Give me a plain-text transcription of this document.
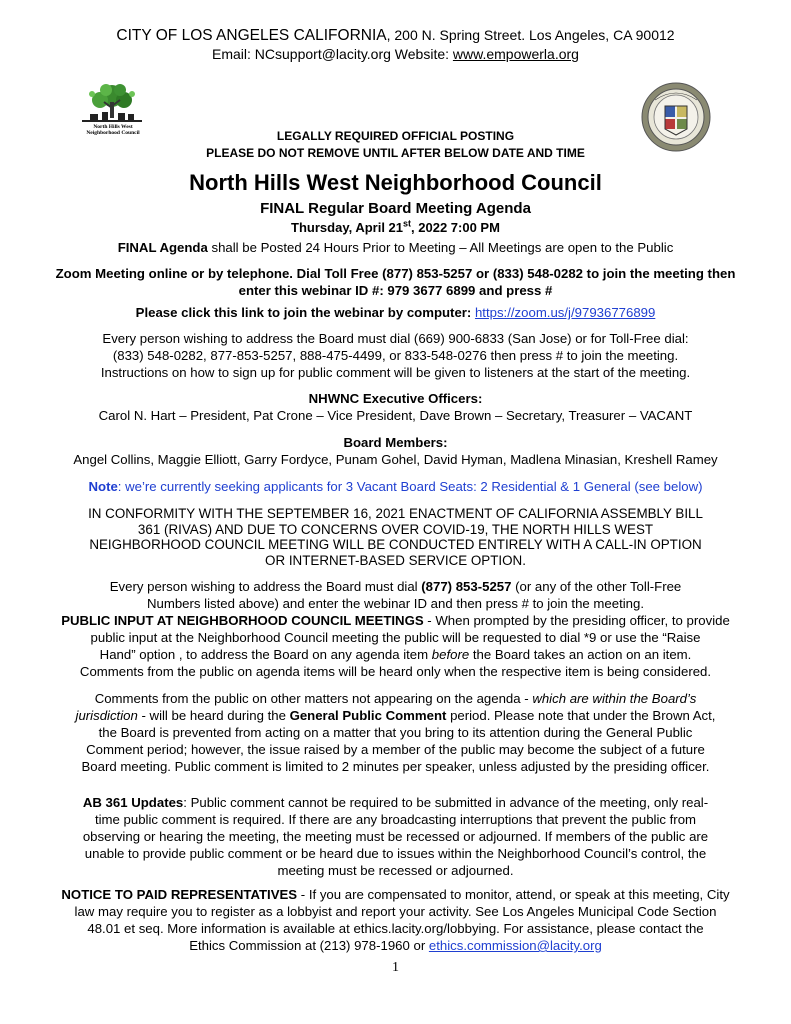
CITY OF LOS ANGELES CALIFORNIA, 200 N. Spring Street. Los Angeles, CA 90012
Email: NCsupport@lacity.org Website: www.empowerla.org
North Hills West
Neighborhood Council	LEGALLY REQUIRED OFFICIAL POSTING
PLEASE DO NOT REMOVE UNTIL AFTER BELOW DATE AND TIME
North Hills West Neighborhood Council
FINAL Regular Board Meeting Agenda
Thursday, April 21st, 2022 7:00 PM
FINAL Agenda shall be Posted 24 Hours Prior to Meeting – All Meetings are open to the Public
Zoom Meeting online or by telephone. Dial Toll Free (877) 853-5257 or (833) 548-0282 to join the meeting then
enter this webinar ID #: 979 3677 6899 and press #
Please click this link to join the webinar by computer: https://zoom.us/j/97936776899
Every person wishing to address the Board must dial (669) 900-6833 (San Jose) or for Toll-Free dial:
(833) 548-0282, 877-853-5257, 888-475-4499, or 833-548-0276 then press # to join the meeting.
Instructions on how to sign up for public comment will be given to listeners at the start of the meeting.
NHWNC Executive Officers:
Carol N. Hart – President, Pat Crone – Vice President, Dave Brown – Secretary, Treasurer – VACANT
Board Members:
Angel Collins, Maggie Elliott, Garry Fordyce, Punam Gohel, David Hyman, Madlena Minasian, Kreshell Ramey
Note: we’re currently seeking applicants for 3 Vacant Board Seats: 2 Residential & 1 General (see below)
IN CONFORMITY WITH THE SEPTEMBER 16, 2021 ENACTMENT OF CALIFORNIA ASSEMBLY BILL
361 (RIVAS) AND DUE TO CONCERNS OVER COVID-19, THE NORTH HILLS WEST
NEIGHBORHOOD COUNCIL MEETING WILL BE CONDUCTED ENTIRELY WITH A CALL-IN OPTION
OR INTERNET-BASED SERVICE OPTION.
Every person wishing to address the Board must dial (877) 853-5257 (or any of the other Toll-Free
Numbers listed above) and enter the webinar ID and then press # to join the meeting.
PUBLIC INPUT AT NEIGHBORHOOD COUNCIL MEETINGS - When prompted by the presiding officer, to provide
public input at the Neighborhood Council meeting the public will be requested to dial *9 or use the “Raise
Hand” option , to address the Board on any agenda item before the Board takes an action on an item.
Comments from the public on agenda items will be heard only when the respective item is being considered.
Comments from the public on other matters not appearing on the agenda - which are within the Board’s
jurisdiction - will be heard during the General Public Comment period. Please note that under the Brown Act,
the Board is prevented from acting on a matter that you bring to its attention during the General Public
Comment period; however, the issue raised by a member of the public may become the subject of a future
Board meeting. Public comment is limited to 2 minutes per speaker, unless adjusted by the presiding officer.
AB 361 Updates: Public comment cannot be required to be submitted in advance of the meeting, only real-
time public comment is required. If there are any broadcasting interruptions that prevent the public from
observing or hearing the meeting, the meeting must be recessed or adjourned. If members of the public are
unable to provide public comment or be heard due to issues within the Neighborhood Council’s control, the
meeting must be recessed or adjourned.
NOTICE TO PAID REPRESENTATIVES - If you are compensated to monitor, attend, or speak at this meeting, City
law may require you to register as a lobbyist and report your activity. See Los Angeles Municipal Code Section
48.01 et seq. More information is available at ethics.lacity.org/lobbying. For assistance, please contact the
Ethics Commission at (213) 978-1960 or ethics.commission@lacity.org
1
